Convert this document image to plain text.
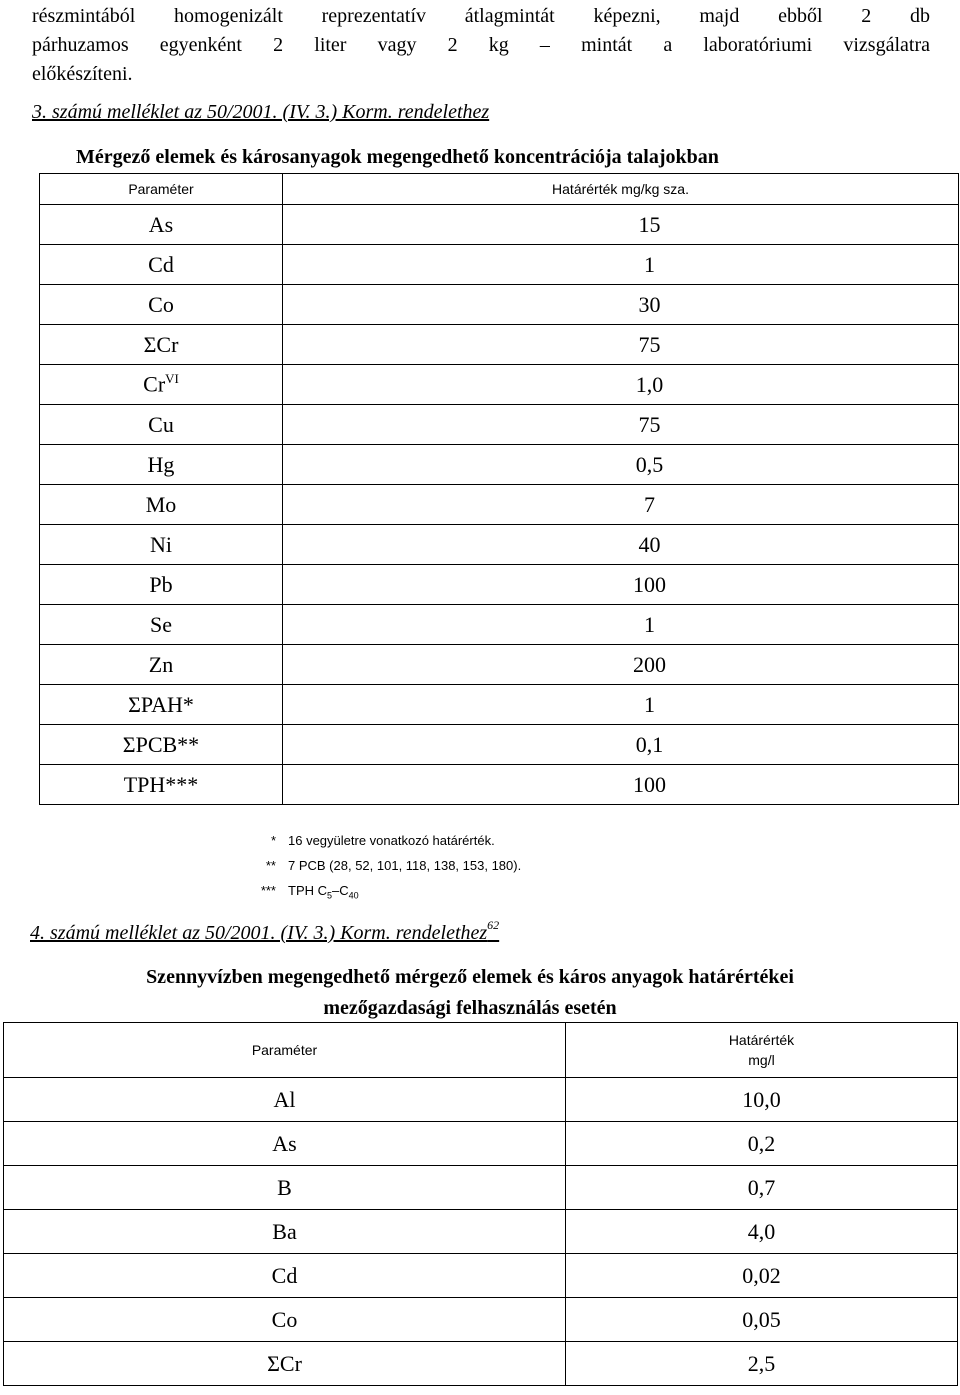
részmintából homogenizált reprezentatív átlagmintát képezni, majd ebből 2 db
párhuzamos egyenként 2 liter vagy 2 kg – mintát a laboratóriumi vizsgálatra
előkészíteni.
3. számú melléklet az 50/2001. (IV. 3.) Korm. rendelethez
Mérgező elemek és károsanyagok megengedhető koncentrációja talajokban
Paraméter	Határérték mg/kg sza.
As	15
Cd	1
Co	30
ΣCr	75
$Cr^{VI}$	1,0
Cu	75
Hg	0,5
Mo	7
Ni	40
Pb	100
Se	1
Zn	200
ΣPAH*	1
ΣPCB**	0,1
TPH***	100
* 16 vegyületre vonatkozó határérték.
** 7 PCB (28, 52, 101, 118, 138, 153, 180).
*** TPH $C_5-C_{40}$
4. számú melléklet az 50/2001. (IV. 3.) Korm. rendelethez$^{62}$
Szennyvízben megengedhető mérgező elemek és káros anyagok határértékei
mezőgazdasági felhasználás esetén
Paraméter	Határérték
mg/l

Al	10,0
As	0,2
B	0,7
Ba	4,0
Cd	0,02
Co	0,05
ΣCr	2,5
